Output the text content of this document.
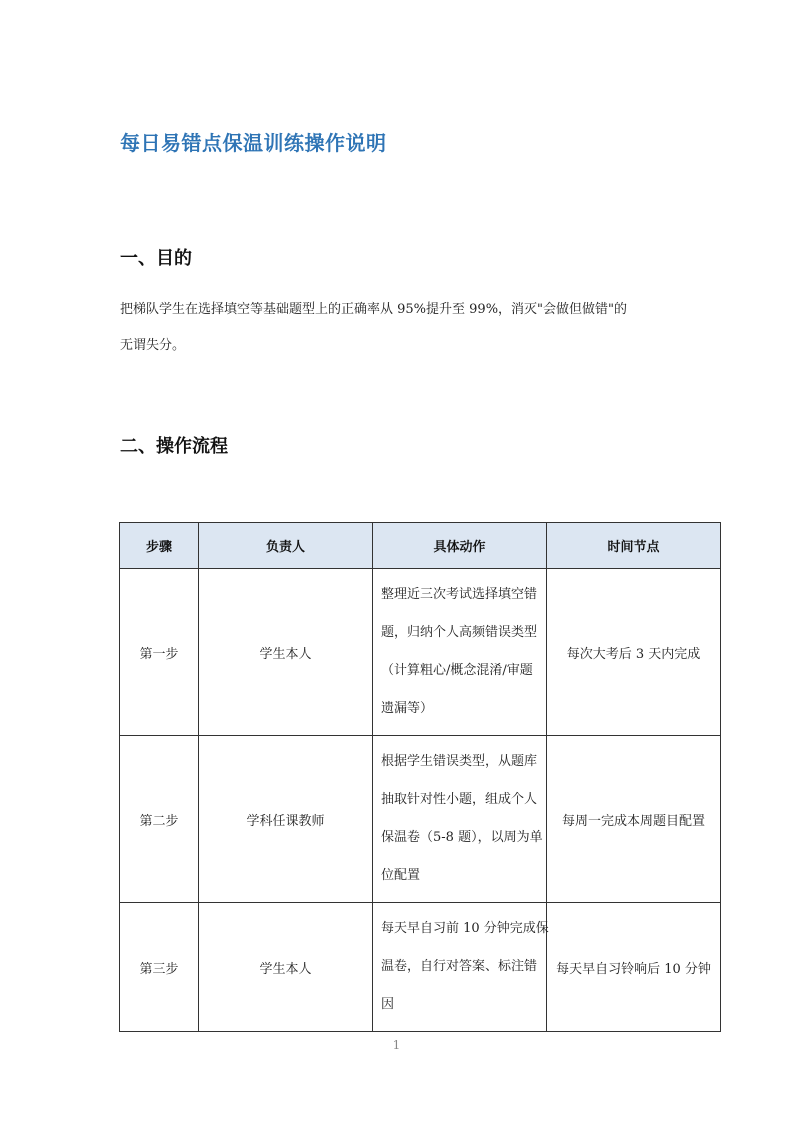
每日易错点保温训练操作说明
一、目的

把梯队学生在选择填空等基础题型上的正确率从 95%提升至 99%，消灭"会做但做错"的
无谓失分。

二、操作流程
步骤	负责人	具体动作	时间节点
第一步	学生本人	整理近三次考试选择填空错
题，归纳个人高频错误类型
（计算粗心/概念混淆/审题
遗漏等）	每次大考后 3 天内完成
第二步	学科任课教师	根据学生错误类型，从题库
抽取针对性小题，组成个人
保温卷（5-8 题），以周为单
位配置	每周一完成本周题目配置
第三步	学生本人	每天早自习前 10 分钟完成保
温卷，自行对答案、标注错
因	每天早自习铃响后 10 分钟
1
